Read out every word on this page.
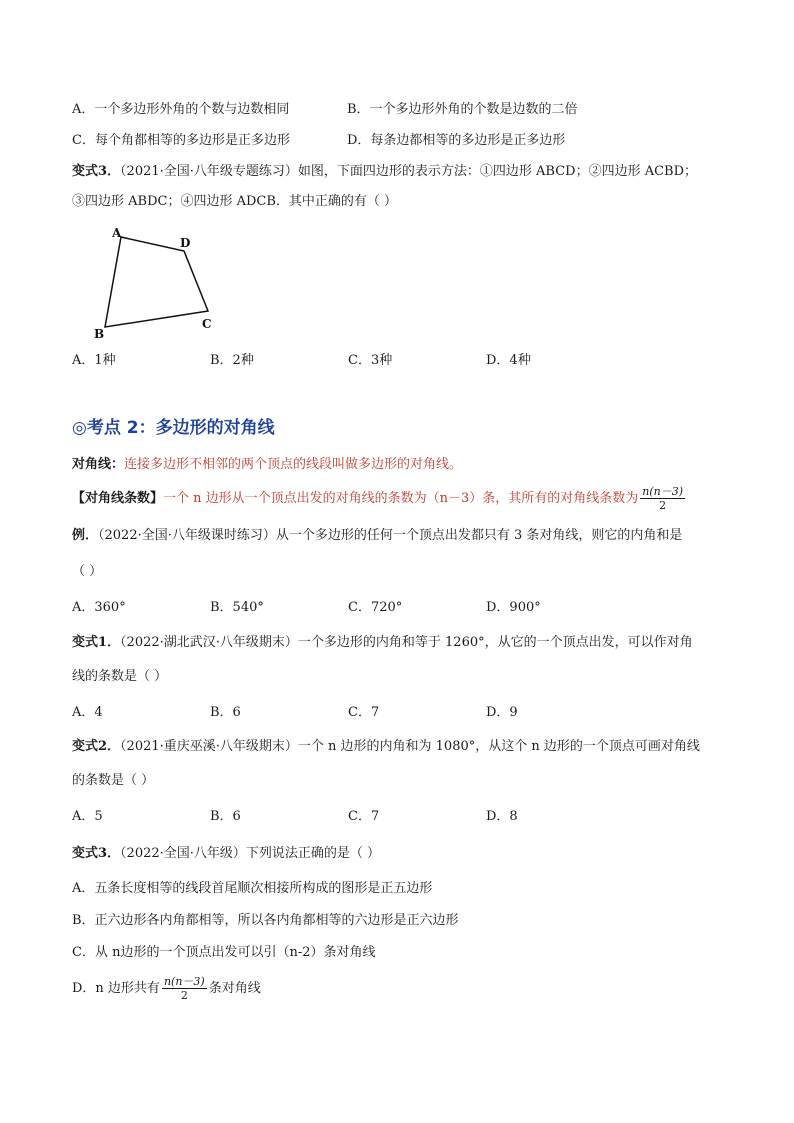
A．一个多边形外角的个数与边数相同	B．一个多边形外角的个数是边数的二倍
C．每个角都相等的多边形是正多边形	D．每条边都相等的多边形是正多边形
变式3．（2021·全国·八年级专题练习）如图，下面四边形的表示方法：①四边形 ABCD；②四边形 ACBD；
③四边形 ABDC；④四边形 ADCB．其中正确的有（ ）
A
D
B
C
A．1种	B．2种	C．3种	D．4种
◎考点 2：多边形的对角线
对角线：连接多边形不相邻的两个顶点的线段叫做多边形的对角线。
【对角线条数】一个 n 边形从一个顶点出发的对角线的条数为（n－3）条，其所有的对角线条数为 $\frac{n(n-3)}{2}$
例．（2022·全国·八年级课时练习）从一个多边形的任何一个顶点出发都只有 3 条对角线，则它的内角和是
（ ）
A．360°	B．540°	C．720°	D．900°
变式1．（2022·湖北武汉·八年级期末）一个多边形的内角和等于 1260°，从它的一个顶点出发，可以作对角
线的条数是（ ）
A．4	B．6	C．7	D．9
变式2．（2021·重庆巫溪·八年级期末）一个 n 边形的内角和为 1080°，从这个 n 边形的一个顶点可画对角线
的条数是（ ）
A．5	B．6	C．7	D．8
变式3．（2022·全国·八年级）下列说法正确的是（ ）
A．五条长度相等的线段首尾顺次相接所构成的图形是正五边形
B．正六边形各内角都相等，所以各内角都相等的六边形是正六边形
C．从 n边形的一个顶点出发可以引（n-2）条对角线
D．n 边形共有 $\frac{n(n-3)}{2}$ 条对角线
